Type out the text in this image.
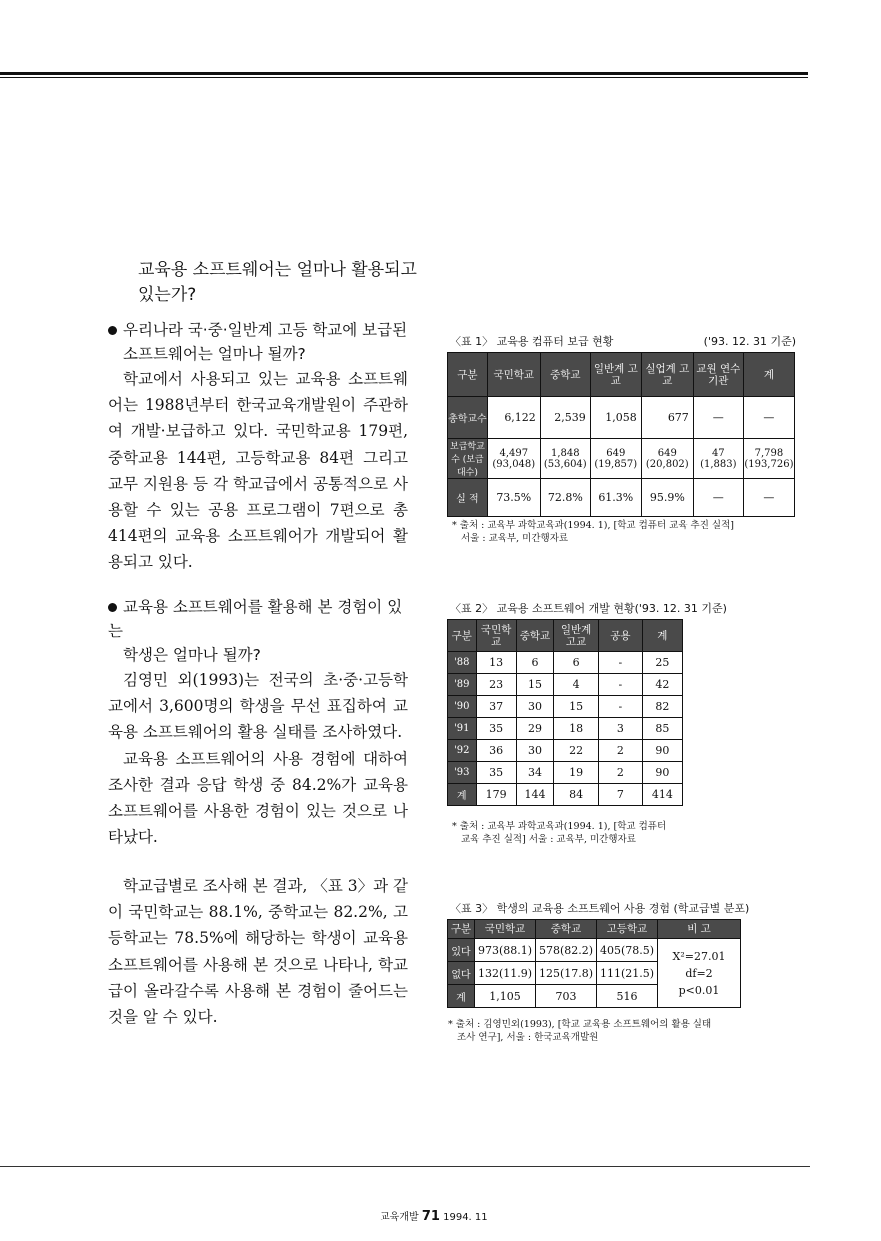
교육용 소프트웨어는 얼마나 활용되고
있는가?
우리나라 국·중·일반계 고등 학교에 보급된
소프트웨어는 얼마나 될까?
학교에서 사용되고 있는 교육용 소프트웨어는 1988년부터 한국교육개발원이 주관하여 개발·보급하고 있다. 국민학교용 179편, 중학교용 144편, 고등학교용 84편 그리고 교무 지원용 등 각 학교급에서 공통적으로 사용할 수 있는 공용 프로그램이 7편으로 총 414편의 교육용 소프트웨어가 개발되어 활용되고 있다.
교육용 소프트웨어를 활용해 본 경험이 있는
학생은 얼마나 될까?
김영민 외(1993)는 전국의 초·중·고등학교에서 3,600명의 학생을 무선 표집하여 교육용 소프트웨어의 활용 실태를 조사하였다.
교육용 소프트웨어의 사용 경험에 대하여 조사한 결과 응답 학생 중 84.2%가 교육용 소프트웨어를 사용한 경험이 있는 것으로 나타났다.
학교급별로 조사해 본 결과, 〈표 3〉과 같이 국민학교는 88.1%, 중학교는 82.2%, 고등학교는 78.5%에 해당하는 학생이 교육용 소프트웨어를 사용해 본 것으로 나타나, 학교급이 올라갈수록 사용해 본 경험이 줄어드는 것을 알 수 있다.
〈표 1〉 교육용 컴퓨터 보급 현황	('93. 12. 31 기준)
구분	국민학교	중학교	일반계 고교	실업계 고교	교원 연수 기관	계
총학교수	6,122	2,539	1,058	677	—	—
보급학교수 (보급대수)	4,497 (93,048)	1,848 (53,604)	649 (19,857)	649 (20,802)	47 (1,883)	7,798 (193,726)
실 적	73.5%	72.8%	61.3%	95.9%	—	—
* 출처 : 교육부 과학교육과(1994. 1), [학교 컴퓨터 교육 추진 실적]
서울 : 교육부, 미간행자료
〈표 2〉 교육용 소프트웨어 개발 현황('93. 12. 31 기준)
구분	국민학교	중학교	일반계 고교	공용	계
'88	13	6	6	-	25
'89	23	15	4	-	42
'90	37	30	15	-	82
'91	35	29	18	3	85
'92	36	30	22	2	90
'93	35	34	19	2	90
계	179	144	84	7	414
* 출처 : 교육부 과학교육과(1994. 1), [학교 컴퓨터
교육 추진 실적] 서울 : 교육부, 미간행자료
〈표 3〉 학생의 교육용 소프트웨어 사용 경험 (학교급별 분포)
구분	국민학교	중학교	고등학교	비 고
있다	973(88.1)	578(82.2)	405(78.5)	X²=27.01
df=2
p<0.01

없다	132(11.9)	125(17.8)	111(21.5)	
계	1,105	703	516	
* 출처 : 김영민외(1993), [학교 교육용 소프트웨어의 활용 실태
조사 연구], 서울 : 한국교육개발원
교육개발 71 1994. 11
